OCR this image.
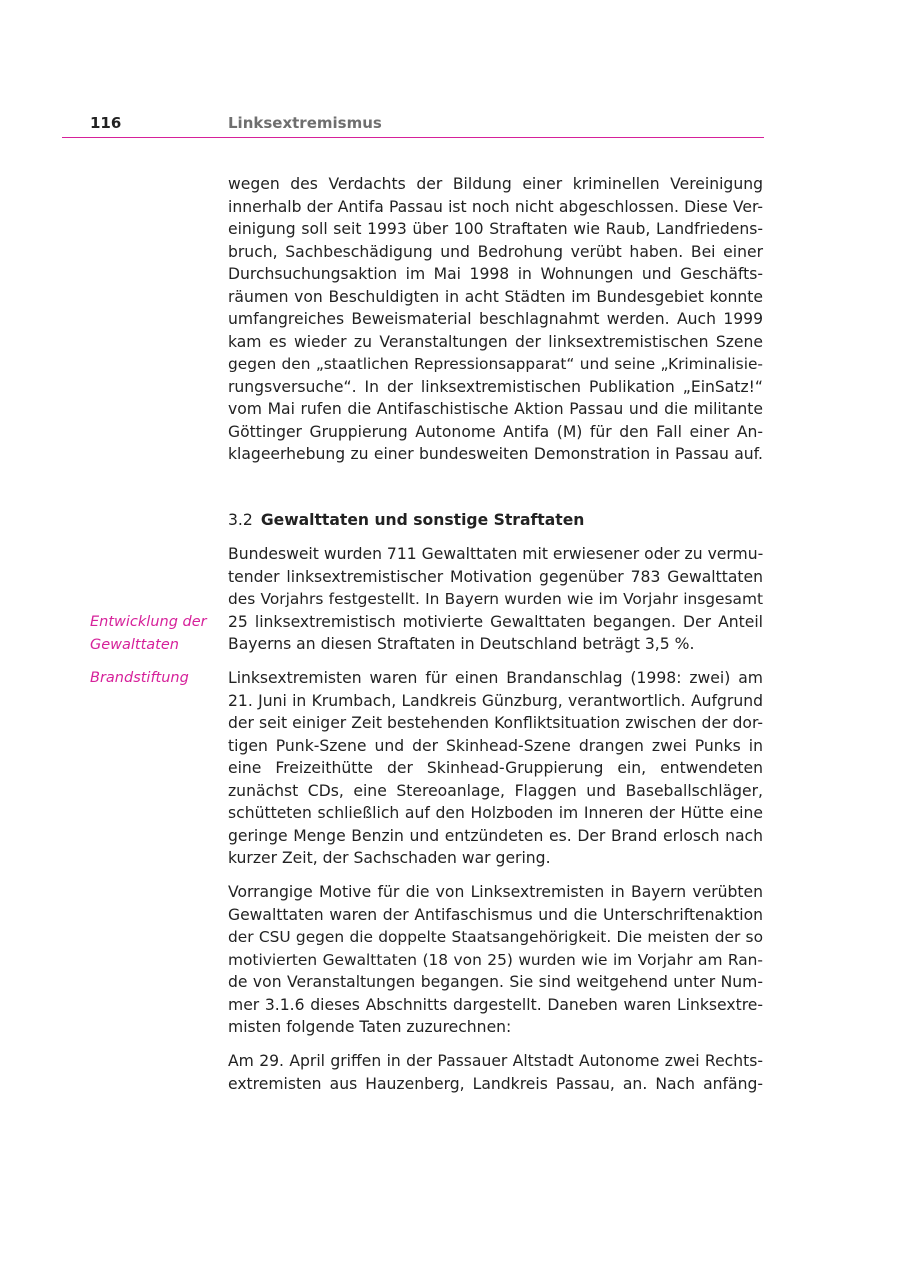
116	Linksextremismus
wegen des Verdachts der Bildung einer kriminellen Vereinigung
innerhalb der Antifa Passau ist noch nicht abgeschlossen. Diese Ver-
einigung soll seit 1993 über 100 Straftaten wie Raub, Landfriedens-
bruch, Sachbeschädigung und Bedrohung verübt haben. Bei einer
Durchsuchungsaktion im Mai 1998 in Wohnungen und Geschäfts-
räumen von Beschuldigten in acht Städten im Bundesgebiet konnte
umfangreiches Beweismaterial beschlagnahmt werden. Auch 1999
kam es wieder zu Veranstaltungen der linksextremistischen Szene
gegen den „staatlichen Repressionsapparat“ und seine „Kriminalisie-
rungsversuche“. In der linksextremistischen Publikation „EinSatz!“
vom Mai rufen die Antifaschistische Aktion Passau und die militante
Göttinger Gruppierung Autonome Antifa (M) für den Fall einer An-
klageerhebung zu einer bundesweiten Demonstration in Passau auf.
3.2 Gewalttaten und sonstige Straftaten
Entwicklung der
Gewalttaten
Brandstiftung
Bundesweit wurden 711 Gewalttaten mit erwiesener oder zu vermu-
tender linksextremistischer Motivation gegenüber 783 Gewalttaten
des Vorjahrs festgestellt. In Bayern wurden wie im Vorjahr insgesamt
25 linksextremistisch motivierte Gewalttaten begangen. Der Anteil
Bayerns an diesen Straftaten in Deutschland beträgt 3,5 %.
Linksextremisten waren für einen Brandanschlag (1998: zwei) am
21. Juni in Krumbach, Landkreis Günzburg, verantwortlich. Aufgrund
der seit einiger Zeit bestehenden Konfliktsituation zwischen der dor-
tigen Punk-Szene und der Skinhead-Szene drangen zwei Punks in
eine Freizeithütte der Skinhead-Gruppierung ein, entwendeten
zunächst CDs, eine Stereoanlage, Flaggen und Baseballschläger,
schütteten schließlich auf den Holzboden im Inneren der Hütte eine
geringe Menge Benzin und entzündeten es. Der Brand erlosch nach
kurzer Zeit, der Sachschaden war gering.
Vorrangige Motive für die von Linksextremisten in Bayern verübten
Gewalttaten waren der Antifaschismus und die Unterschriftenaktion
der CSU gegen die doppelte Staatsangehörigkeit. Die meisten der so
motivierten Gewalttaten (18 von 25) wurden wie im Vorjahr am Ran-
de von Veranstaltungen begangen. Sie sind weitgehend unter Num-
mer 3.1.6 dieses Abschnitts dargestellt. Daneben waren Linksextre-
misten folgende Taten zuzurechnen:
Am 29. April griffen in der Passauer Altstadt Autonome zwei Rechts-
extremisten aus Hauzenberg, Landkreis Passau, an. Nach anfäng-
